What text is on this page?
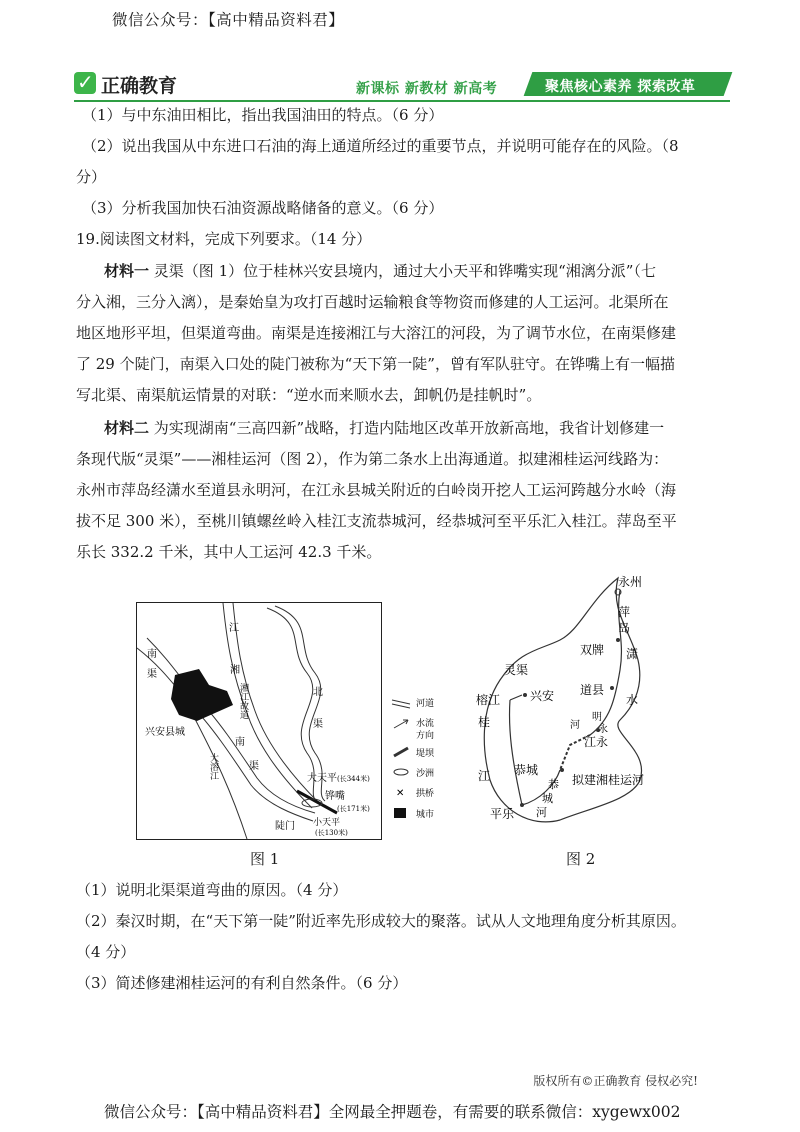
微信公众号：【高中精品资料君】
✓ 正确教育	新课标 新教材 新高考	聚焦核心素养 探索改革
（1）与中东油田相比，指出我国油田的特点。（6 分）
（2）说出我国从中东进口石油的海上通道所经过的重要节点，并说明可能存在的风险。（8
分）
（3）分析我国加快石油资源战略储备的意义。（6 分）
19.阅读图文材料，完成下列要求。（14 分）
材料一 灵渠（图 1）位于桂林兴安县境内，通过大小天平和铧嘴实现“湘漓分派”（七
分入湘，三分入漓），是秦始皇为攻打百越时运输粮食等物资而修建的人工运河。北渠所在
地区地形平坦，但渠道弯曲。南渠是连接湘江与大溶江的河段，为了调节水位，在南渠修建
了 29 个陡门，南渠入口处的陡门被称为“天下第一陡”，曾有军队驻守。在铧嘴上有一幅描
写北渠、南渠航运情景的对联：“逆水而来顺水去，卸帆仍是挂帆时”。
材料二 为实现湖南“三高四新”战略，打造内陆地区改革开放新高地，我省计划修建一
条现代版“灵渠”——湘桂运河（图 2），作为第二条水上出海通道。拟建湘桂运河线路为：
永州市萍岛经潇水至道县永明河，在江永县城关附近的白岭岗开挖人工运河跨越分水岭（海
拔不足 300 米），至桃川镇螺丝岭入桂江支流恭城河，经恭城河至平乐汇入桂江。萍岛至平
乐长 332.2 千米，其中人工运河 42.3 千米。
南
渠
兴安县城
湘
江
湘江故道	北
渠
南
渠
大溶江	大天平 (长344米)
铧嘴
(长171米)
陡门 小天平
(长130米)
河道
水流
方向
堤坝
沙洲
✕ 拱桥
城市
永州
萍
岛
双牌 潇
水
灵渠
榕江
桂
江
兴安 道县
明
河 永
江永
恭城
恭
城
河
拟建湘桂运河
平乐
图 1	图 2
（1）说明北渠渠道弯曲的原因。（4 分）
（2）秦汉时期，在“天下第一陡”附近率先形成较大的聚落。试从人文地理角度分析其原因。
（4 分）
（3）简述修建湘桂运河的有利自然条件。（6 分）
版权所有©正确教育 侵权必究!
微信公众号：【高中精品资料君】全网最全押题卷，有需要的联系微信：xygewx002
